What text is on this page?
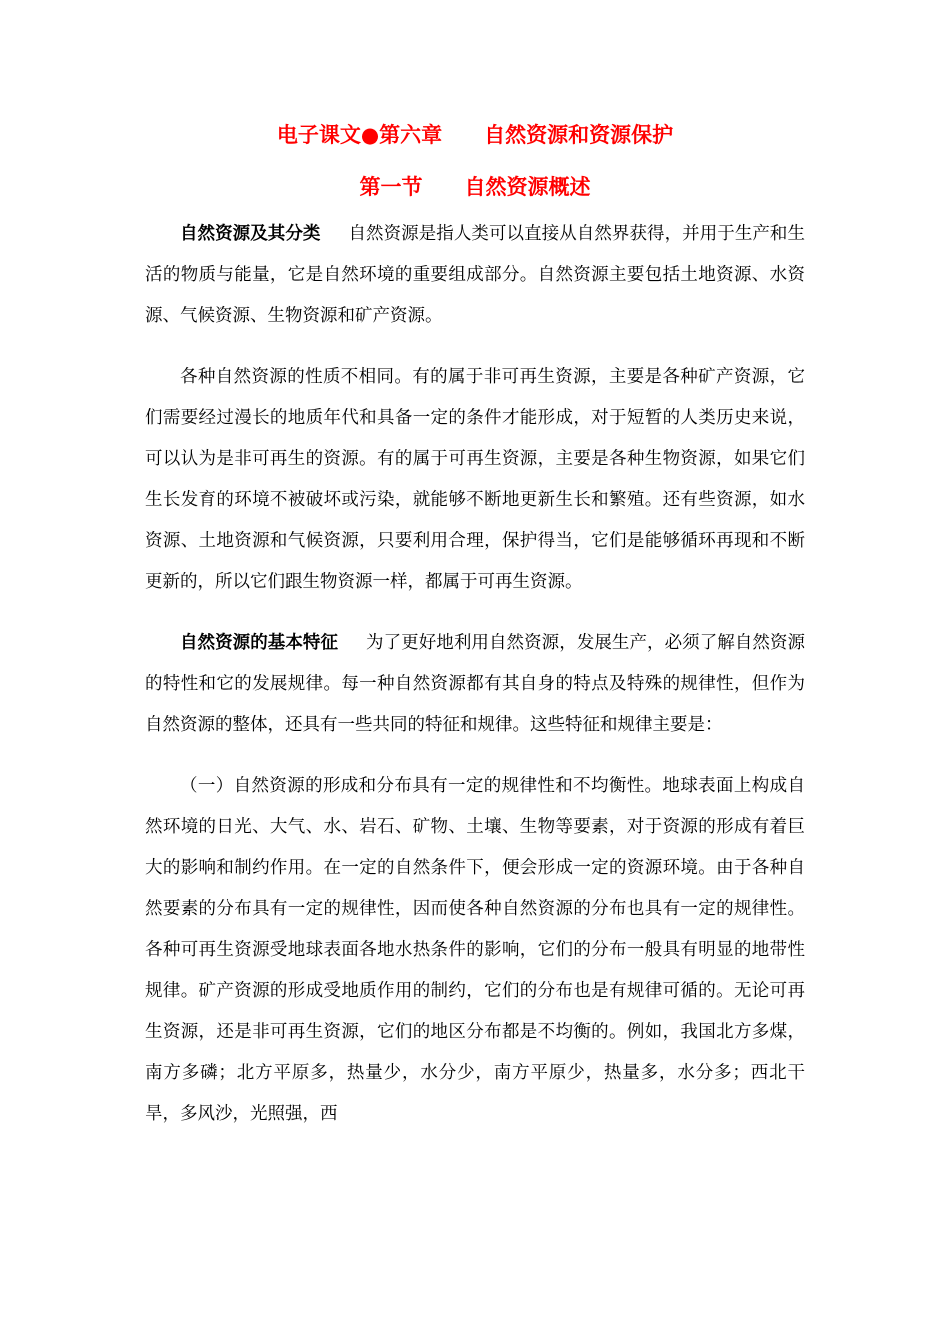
电子课文●第六章　　自然资源和资源保护
第一节　　自然资源概述

自然资源及其分类 自然资源是指人类可以直接从自然界获得，并用于生产和生活的物质与能量，它是自然环境的重要组成部分。自然资源主要包括土地资源、水资源、气候资源、生物资源和矿产资源。

各种自然资源的性质不相同。有的属于非可再生资源，主要是各种矿产资源，它们需要经过漫长的地质年代和具备一定的条件才能形成，对于短暂的人类历史来说，可以认为是非可再生的资源。有的属于可再生资源，主要是各种生物资源，如果它们生长发育的环境不被破坏或污染，就能够不断地更新生长和繁殖。还有些资源，如水资源、土地资源和气候资源，只要利用合理，保护得当，它们是能够循环再现和不断更新的，所以它们跟生物资源一样，都属于可再生资源。

自然资源的基本特征 为了更好地利用自然资源，发展生产，必须了解自然资源的特性和它的发展规律。每一种自然资源都有其自身的特点及特殊的规律性，但作为自然资源的整体，还具有一些共同的特征和规律。这些特征和规律主要是：

（一）自然资源的形成和分布具有一定的规律性和不均衡性。地球表面上构成自然环境的日光、大气、水、岩石、矿物、土壤、生物等要素，对于资源的形成有着巨大的影响和制约作用。在一定的自然条件下，便会形成一定的资源环境。由于各种自然要素的分布具有一定的规律性，因而使各种自然资源的分布也具有一定的规律性。各种可再生资源受地球表面各地水热条件的影响，它们的分布一般具有明显的地带性规律。矿产资源的形成受地质作用的制约，它们的分布也是有规律可循的。无论可再生资源，还是非可再生资源，它们的地区分布都是不均衡的。例如，我国北方多煤，南方多磷；北方平原多，热量少，水分少，南方平原少，热量多，水分多；西北干旱，多风沙，光照强，西
